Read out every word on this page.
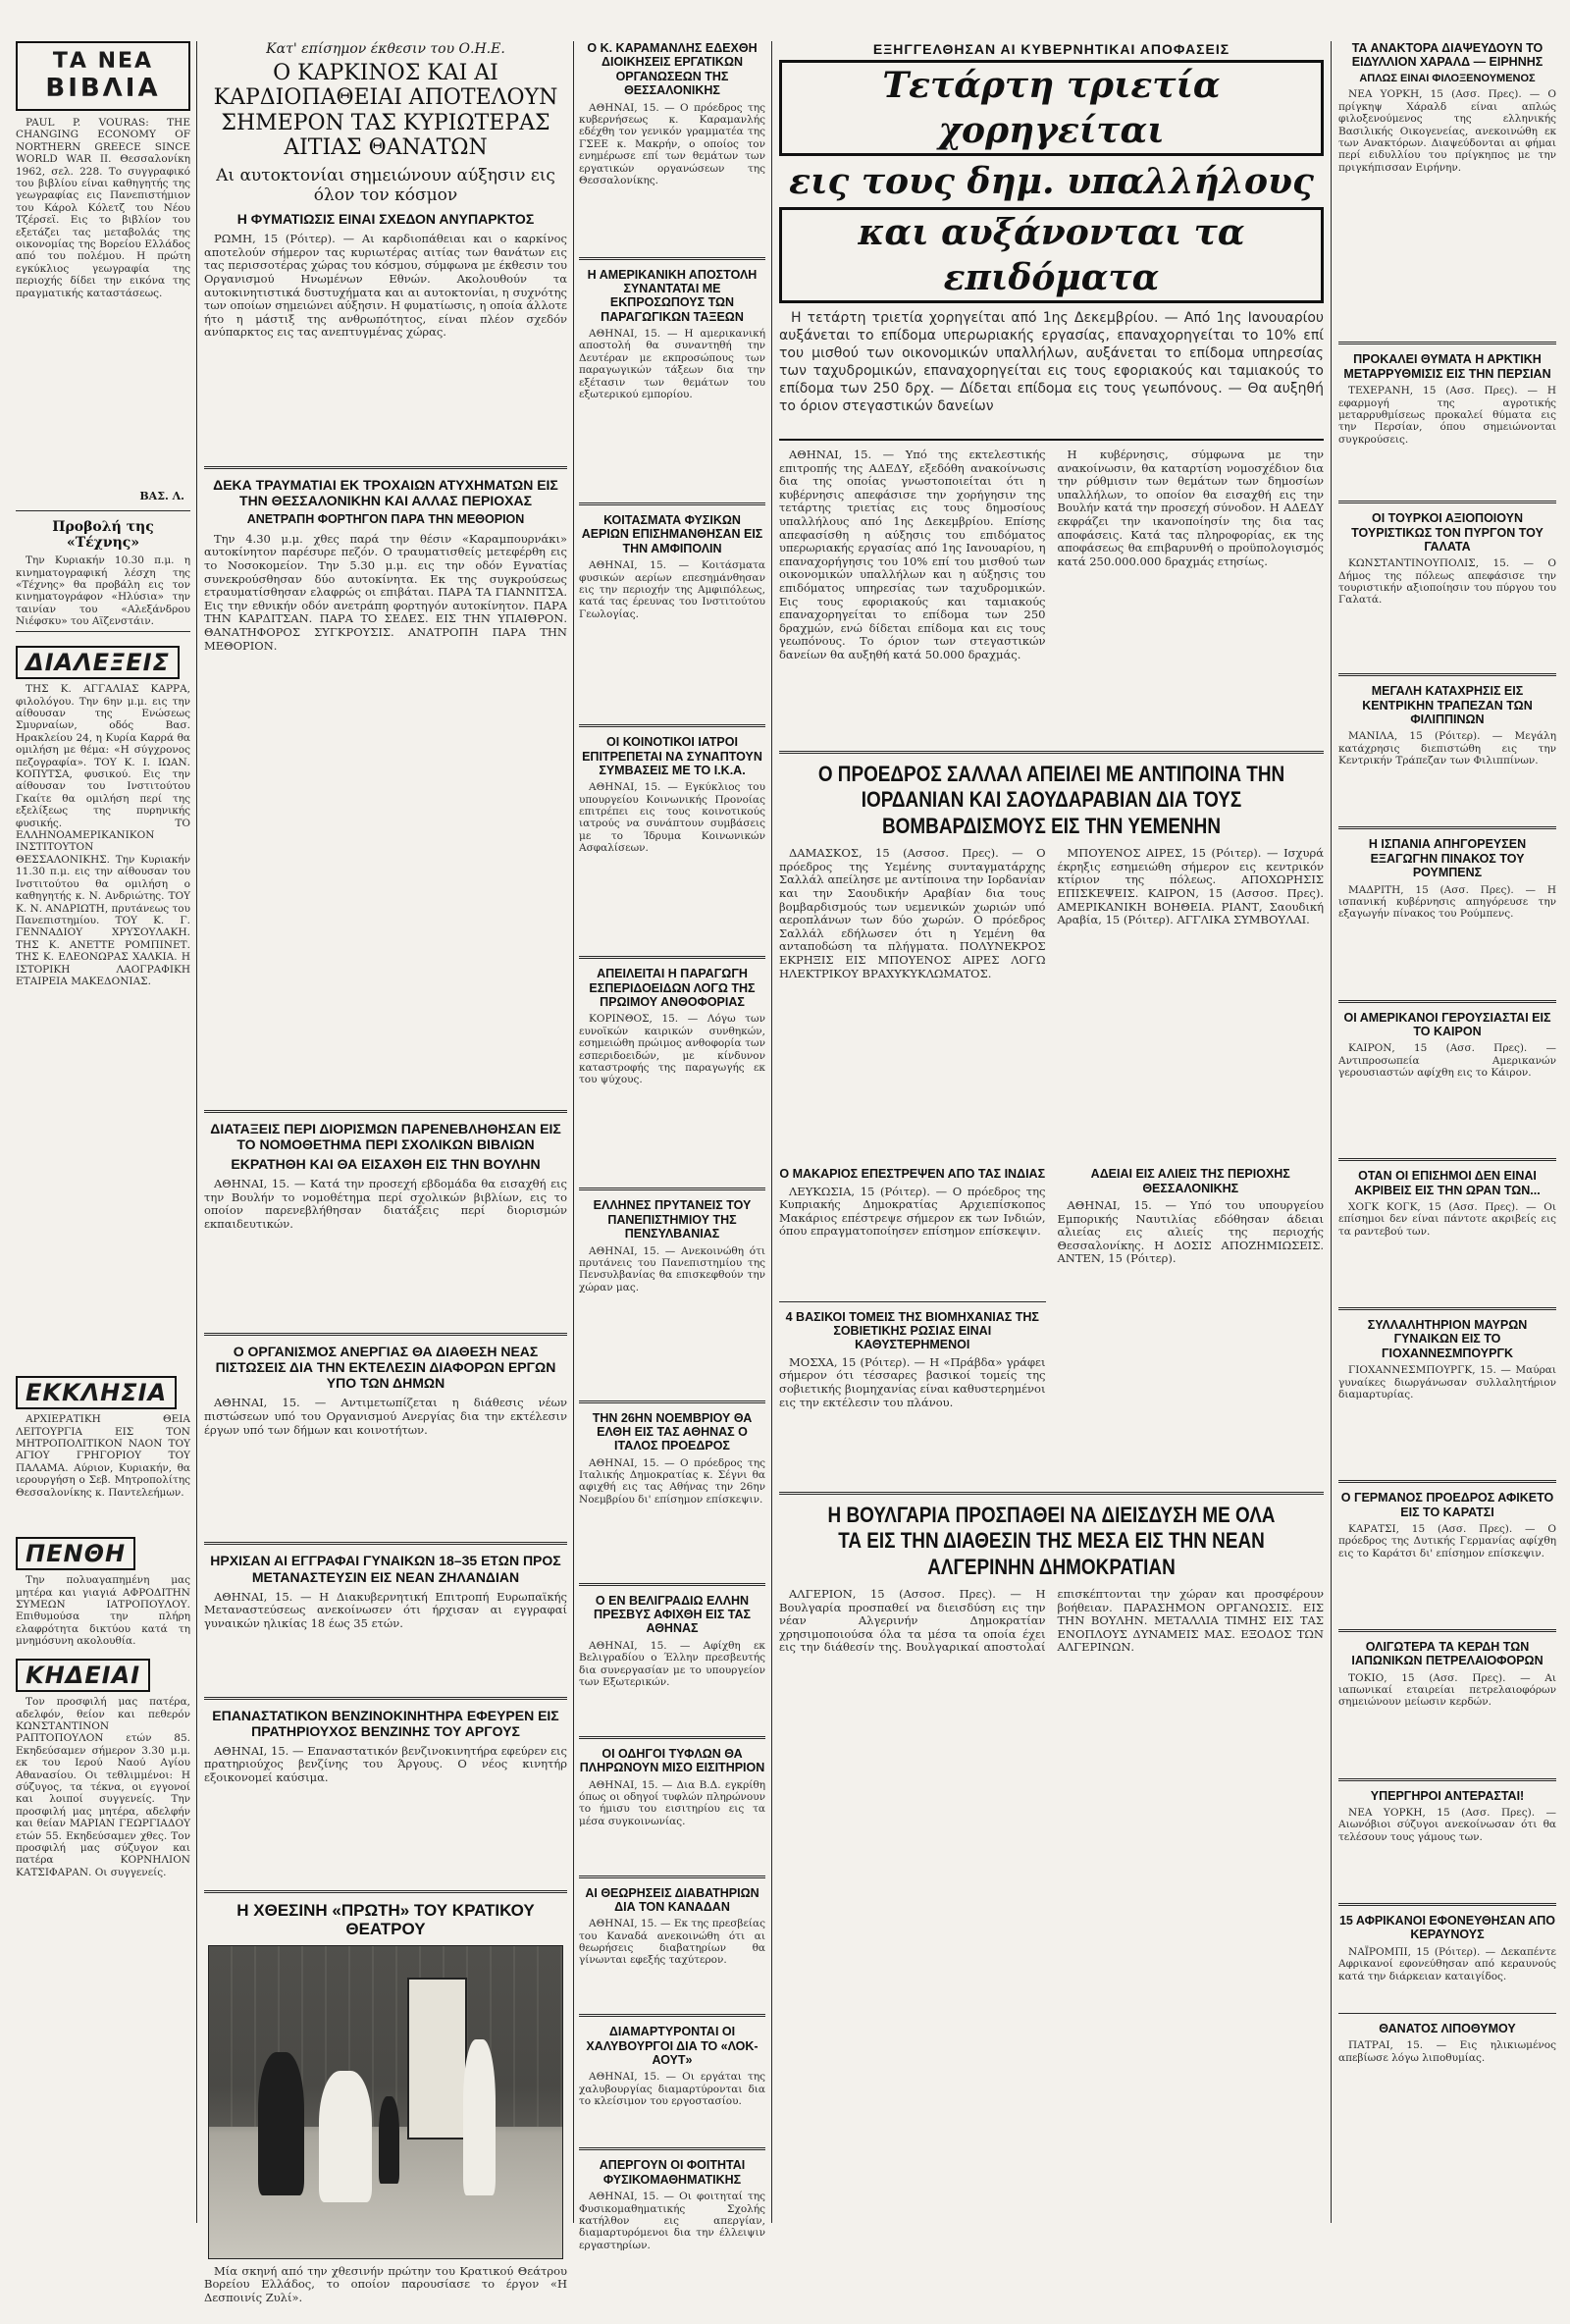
ΤΑ ΝΕΑ
ΒΙΒΛΙΑ
PAUL P. VOURAS: THE CHANGING ECONOMY OF NORTHERN GREECE SINCE WORLD WAR II. Θεσσαλονίκη 1962, σελ. 228. Το συγγραφικό του βιβλίου είναι καθηγητής της γεωγραφίας εις Πανεπιστήμιον του Κάρολ Κόλετζ του Νέου Τζέρσεϊ. Εις το βιβλίον του εξετάζει τας μεταβολάς της οικονομίας της Βορείου Ελλάδος από του πολέμου. Η πρώτη εγκύκλιος γεωγραφία της περιοχής δίδει την εικόνα της πραγματικής καταστάσεως.
ΒΑΣ. Λ.
Προβολή της «Τέχνης»
Την Κυριακήν 10.30 π.μ. η κινηματογραφική λέσχη της «Τέχνης» θα προβάλη εις τον κινηματογράφον «Ηλύσια» την ταινίαν του «Αλεξάνδρου Νιέφσκυ» του Αϊζενστάιν.
ΔΙΑΛΕΞΕΙΣ
ΤΗΣ Κ. ΑΓΓΑΛΙΑΣ ΚΑΡΡΑ, φιλολόγου. Την 6ην μ.μ. εις την αίθουσαν της Ενώσεως Σμυρναίων, οδός Βασ. Ηρακλείου 24, η Κυρία Καρρά θα ομιλήση με θέμα: «Η σύγχρονος πεζογραφία». ΤΟΥ Κ. Ι. ΙΩΑΝ. ΚΟΠΥΤΣΑ, φυσικού. Εις την αίθουσαν του Ινστιτούτου Γκαίτε θα ομιλήση περί της εξελίξεως της πυρηνικής φυσικής. ΤΟ ΕΛΛΗΝΟΑΜΕΡΙΚΑΝΙΚΟΝ ΙΝΣΤΙΤΟΥΤΟΝ ΘΕΣΣΑΛΟΝΙΚΗΣ. Την Κυριακήν 11.30 π.μ. εις την αίθουσαν του Ινστιτούτου θα ομιλήση ο καθηγητής κ. Ν. Ανδριώτης. ΤΟΥ Κ. Ν. ΑΝΔΡΙΩΤΗ, πρυτάνεως του Πανεπιστημίου. ΤΟΥ Κ. Γ. ΓΕΝΝΑΔΙΟΥ ΧΡΥΣΟΥΛΑΚΗ. ΤΗΣ Κ. ΑΝΕΤΤΕ ΡΟΜΠΙΝΕΤ. ΤΗΣ Κ. ΕΛΕΟΝΩΡΑΣ ΧΑΛΚΙΑ. Η ΙΣΤΟΡΙΚΗ ΛΑΟΓΡΑΦΙΚΗ ΕΤΑΙΡΕΙΑ ΜΑΚΕΔΟΝΙΑΣ.
ΕΚΚΛΗΣΙΑ
ΑΡΧΙΕΡΑΤΙΚΗ ΘΕΙΑ ΛΕΙΤΟΥΡΓΙΑ ΕΙΣ ΤΟΝ ΜΗΤΡΟΠΟΛΙΤΙΚΟΝ ΝΑΟΝ ΤΟΥ ΑΓΙΟΥ ΓΡΗΓΟΡΙΟΥ ΤΟΥ ΠΑΛΑΜΑ. Αύριον, Κυριακήν, θα ιερουργήση ο Σεβ. Μητροπολίτης Θεσσαλονίκης κ. Παντελεήμων.
ΠΕΝΘΗ
Την πολυαγαπημένη μας μητέρα και γιαγιά ΑΦΡΟΔΙΤΗΝ ΣΥΜΕΩΝ ΙΑΤΡΟΠΟΥΛΟΥ. Επιθυμούσα την πλήρη ελαφρότητα δικτύου κατά τη μνημόσυνη ακολουθία.
ΚΗΔΕΙΑΙ
Τον προσφιλή μας πατέρα, αδελφόν, θείον και πεθερόν ΚΩΝΣΤΑΝΤΙΝΟΝ ΡΑΠΤΟΠΟΥΛΟΝ ετών 85. Εκηδεύσαμεν σήμερον 3.30 μ.μ. εκ του Ιερού Ναού Αγίου Αθανασίου. Οι τεθλιμμένοι: Η σύζυγος, τα τέκνα, οι εγγονοί και λοιποί συγγενείς. Την προσφιλή μας μητέρα, αδελφήν και θείαν ΜΑΡΙΑΝ ΓΕΩΡΓΙΑΔΟΥ ετών 55. Εκηδεύσαμεν χθες. Τον προσφιλή μας σύζυγον και πατέρα ΚΟΡΝΗΛΙΟΝ ΚΑΤΣΙΦΑΡΑΝ. Οι συγγενείς.
Κατ' επίσημον έκθεσιν του Ο.Η.Ε.
Ο ΚΑΡΚΙΝΟΣ ΚΑΙ ΑΙ ΚΑΡΔΙΟΠΑΘΕΙΑΙ ΑΠΟΤΕΛΟΥΝ ΣΗΜΕΡΟΝ ΤΑΣ ΚΥΡΙΩΤΕΡΑΣ ΑΙΤΙΑΣ ΘΑΝΑΤΩΝ
Αι αυτοκτονίαι σημειώνουν αύξησιν εις όλον τον κόσμον
Η ΦΥΜΑΤΙΩΣΙΣ ΕΙΝΑΙ ΣΧΕΔΟΝ ΑΝΥΠΑΡΚΤΟΣ
ΡΩΜΗ, 15 (Ρόιτερ). — Αι καρδιοπάθειαι και ο καρκίνος αποτελούν σήμερον τας κυριωτέρας αιτίας των θανάτων εις τας περισσοτέρας χώρας του κόσμου, σύμφωνα με έκθεσιν του Οργανισμού Ηνωμένων Εθνών. Ακολουθούν τα αυτοκινητιστικά δυστυχήματα και αι αυτοκτονίαι, η συχνότης των οποίων σημειώνει αύξησιν. Η φυματίωσις, η οποία άλλοτε ήτο η μάστιξ της ανθρωπότητος, είναι πλέον σχεδόν ανύπαρκτος εις τας ανεπτυγμένας χώρας.
ΔΕΚΑ ΤΡΑΥΜΑΤΙΑΙ ΕΚ ΤΡΟΧΑΙΩΝ ΑΤΥΧΗΜΑΤΩΝ ΕΙΣ ΤΗΝ ΘΕΣΣΑΛΟΝΙΚΗΝ ΚΑΙ ΑΛΛΑΣ ΠΕΡΙΟΧΑΣ
ΑΝΕΤΡΑΠΗ ΦΟΡΤΗΓΟΝ ΠΑΡΑ ΤΗΝ ΜΕΘΟΡΙΟΝ
Την 4.30 μ.μ. χθες παρά την θέσιν «Καραμπουρνάκι» αυτοκίνητον παρέσυρε πεζόν. Ο τραυματισθείς μετεφέρθη εις το Νοσοκομείον. Την 5.30 μ.μ. εις την οδόν Εγνατίας συνεκρούσθησαν δύο αυτοκίνητα. Εκ της συγκρούσεως ετραυματίσθησαν ελαφρώς οι επιβάται. ΠΑΡΑ ΤΑ ΓΙΑΝΝΙΤΣΑ. Εις την εθνικήν οδόν ανετράπη φορτηγόν αυτοκίνητον. ΠΑΡΑ ΤΗΝ ΚΑΡΔΙΤΣΑΝ. ΠΑΡΑ ΤΟ ΣΕΔΕΣ. ΕΙΣ ΤΗΝ ΥΠΑΙΘΡΟΝ. ΘΑΝΑΤΗΦΟΡΟΣ ΣΥΓΚΡΟΥΣΙΣ. ΑΝΑΤΡΟΠΗ ΠΑΡΑ ΤΗΝ ΜΕΘΟΡΙΟΝ.
ΔΙΑΤΑΞΕΙΣ ΠΕΡΙ ΔΙΟΡΙΣΜΩΝ ΠΑΡΕΝΕΒΛΗΘΗΣΑΝ ΕΙΣ ΤΟ ΝΟΜΟΘΕΤΗΜΑ ΠΕΡΙ ΣΧΟΛΙΚΩΝ ΒΙΒΛΙΩΝ
ΕΚΡΑΤΗΘΗ ΚΑΙ ΘΑ ΕΙΣΑΧΘΗ ΕΙΣ ΤΗΝ ΒΟΥΛΗΝ
ΑΘΗΝΑΙ, 15. — Κατά την προσεχή εβδομάδα θα εισαχθή εις την Βουλήν το νομοθέτημα περί σχολικών βιβλίων, εις το οποίον παρενεβλήθησαν διατάξεις περί διορισμών εκπαιδευτικών.
Ο ΟΡΓΑΝΙΣΜΟΣ ΑΝΕΡΓΙΑΣ ΘΑ ΔΙΑΘΕΣΗ ΝΕΑΣ ΠΙΣΤΩΣΕΙΣ ΔΙΑ ΤΗΝ ΕΚΤΕΛΕΣΙΝ ΔΙΑΦΟΡΩΝ ΕΡΓΩΝ ΥΠΟ ΤΩΝ ΔΗΜΩΝ
ΑΘΗΝΑΙ, 15. — Αντιμετωπίζεται η διάθεσις νέων πιστώσεων υπό του Οργανισμού Ανεργίας δια την εκτέλεσιν έργων υπό των δήμων και κοινοτήτων.
ΗΡΧΙΣΑΝ ΑΙ ΕΓΓΡΑΦΑΙ ΓΥΝΑΙΚΩΝ 18–35 ΕΤΩΝ ΠΡΟΣ ΜΕΤΑΝΑΣΤΕΥΣΙΝ ΕΙΣ ΝΕΑΝ ΖΗΛΑΝΔΙΑΝ
ΑΘΗΝΑΙ, 15. — Η Διακυβερνητική Επιτροπή Ευρωπαϊκής Μεταναστεύσεως ανεκοίνωσεν ότι ήρχισαν αι εγγραφαί γυναικών ηλικίας 18 έως 35 ετών.
ΕΠΑΝΑΣΤΑΤΙΚΟΝ ΒΕΝΖΙΝΟΚΙΝΗΤΗΡΑ ΕΦΕΥΡΕΝ ΕΙΣ ΠΡΑΤΗΡΙΟΥΧΟΣ ΒΕΝΖΙΝΗΣ ΤΟΥ ΑΡΓΟΥΣ
ΑΘΗΝΑΙ, 15. — Επαναστατικόν βενζινοκινητήρα εφεύρεν εις πρατηριούχος βενζίνης του Άργους. Ο νέος κινητήρ εξοικονομεί καύσιμα.
Η ΧΘΕΣΙΝΗ «ΠΡΩΤΗ» ΤΟΥ ΚΡΑΤΙΚΟΥ ΘΕΑΤΡΟΥ
Μία σκηνή από την χθεσινήν πρώτην του Κρατικού Θεάτρου Βορείου Ελλάδος, το οποίον παρουσίασε το έργον «Η Δεσποινίς Ζυλί».
Ο Κ. ΚΑΡΑΜΑΝΛΗΣ ΕΔΕΧΘΗ ΔΙΟΙΚΗΣΕΙΣ ΕΡΓΑΤΙΚΩΝ ΟΡΓΑΝΩΣΕΩΝ ΤΗΣ ΘΕΣΣΑΛΟΝΙΚΗΣ
ΑΘΗΝΑΙ, 15. — Ο πρόεδρος της κυβερνήσεως κ. Καραμανλής εδέχθη τον γενικόν γραμματέα της ΓΣΕΕ κ. Μακρήν, ο οποίος τον ενημέρωσε επί των θεμάτων των εργατικών οργανώσεων της Θεσσαλονίκης.
Η ΑΜΕΡΙΚΑΝΙΚΗ ΑΠΟΣΤΟΛΗ ΣΥΝΑΝΤΑΤΑΙ ΜΕ ΕΚΠΡΟΣΩΠΟΥΣ ΤΩΝ ΠΑΡΑΓΩΓΙΚΩΝ ΤΑΞΕΩΝ
ΑΘΗΝΑΙ, 15. — Η αμερικανική αποστολή θα συναντηθή την Δευτέραν με εκπροσώπους των παραγωγικών τάξεων δια την εξέτασιν των θεμάτων του εξωτερικού εμπορίου.
ΚΟΙΤΑΣΜΑΤΑ ΦΥΣΙΚΩΝ ΑΕΡΙΩΝ ΕΠΙΣΗΜΑΝΘΗΣΑΝ ΕΙΣ ΤΗΝ ΑΜΦΙΠΟΛΙΝ
ΑΘΗΝΑΙ, 15. — Κοιτάσματα φυσικών αερίων επεσημάνθησαν εις την περιοχήν της Αμφιπόλεως, κατά τας έρευνας του Ινστιτούτου Γεωλογίας.
ΟΙ ΚΟΙΝΟΤΙΚΟΙ ΙΑΤΡΟΙ ΕΠΙΤΡΕΠΕΤΑΙ ΝΑ ΣΥΝΑΠΤΟΥΝ ΣΥΜΒΑΣΕΙΣ ΜΕ ΤΟ Ι.Κ.Α.
ΑΘΗΝΑΙ, 15. — Εγκύκλιος του υπουργείου Κοινωνικής Προνοίας επιτρέπει εις τους κοινοτικούς ιατρούς να συνάπτουν συμβάσεις με το Ίδρυμα Κοινωνικών Ασφαλίσεων.
ΑΠΕΙΛΕΙΤΑΙ Η ΠΑΡΑΓΩΓΗ ΕΣΠΕΡΙΔΟΕΙΔΩΝ ΛΟΓΩ ΤΗΣ ΠΡΩΙΜΟΥ ΑΝΘΟΦΟΡΙΑΣ
ΚΟΡΙΝΘΟΣ, 15. — Λόγω των ευνοϊκών καιρικών συνθηκών, εσημειώθη πρώιμος ανθοφορία των εσπεριδοειδών, με κίνδυνον καταστροφής της παραγωγής εκ του ψύχους.
ΕΛΛΗΝΕΣ ΠΡΥΤΑΝΕΙΣ ΤΟΥ ΠΑΝΕΠΙΣΤΗΜΙΟΥ ΤΗΣ ΠΕΝΣΥΛΒΑΝΙΑΣ
ΑΘΗΝΑΙ, 15. — Ανεκοινώθη ότι πρυτάνεις του Πανεπιστημίου της Πενσυλβανίας θα επισκεφθούν την χώραν μας.
ΤΗΝ 26ΗΝ ΝΟΕΜΒΡΙΟΥ ΘΑ ΕΛΘΗ ΕΙΣ ΤΑΣ ΑΘΗΝΑΣ Ο ΙΤΑΛΟΣ ΠΡΟΕΔΡΟΣ
ΑΘΗΝΑΙ, 15. — Ο πρόεδρος της Ιταλικής Δημοκρατίας κ. Σέγνι θα αφιχθή εις τας Αθήνας την 26ην Νοεμβρίου δι' επίσημον επίσκεψιν.
Ο ΕΝ ΒΕΛΙΓΡΑΔΙΩ ΕΛΛΗΝ ΠΡΕΣΒΥΣ ΑΦΙΧΘΗ ΕΙΣ ΤΑΣ ΑΘΗΝΑΣ
ΑΘΗΝΑΙ, 15. — Αφίχθη εκ Βελιγραδίου ο Έλλην πρεσβευτής δια συνεργασίαν με το υπουργείον των Εξωτερικών.
ΟΙ ΟΔΗΓΟΙ ΤΥΦΛΩΝ ΘΑ ΠΛΗΡΩΝΟΥΝ ΜΙΣΟ ΕΙΣΙΤΗΡΙΟΝ
ΑΘΗΝΑΙ, 15. — Δια Β.Δ. εγκρίθη όπως οι οδηγοί τυφλών πληρώνουν το ήμισυ του εισιτηρίου εις τα μέσα συγκοινωνίας.
ΑΙ ΘΕΩΡΗΣΕΙΣ ΔΙΑΒΑΤΗΡΙΩΝ ΔΙΑ ΤΟΝ ΚΑΝΑΔΑΝ
ΑΘΗΝΑΙ, 15. — Εκ της πρεσβείας του Καναδά ανεκοινώθη ότι αι θεωρήσεις διαβατηρίων θα γίνωνται εφεξής ταχύτερον.
ΔΙΑΜΑΡΤΥΡΟΝΤΑΙ ΟΙ ΧΑΛΥΒΟΥΡΓΟΙ ΔΙΑ ΤΟ «ΛΟΚ-ΑΟΥΤ»
ΑΘΗΝΑΙ, 15. — Οι εργάται της χαλυβουργίας διαμαρτύρονται δια το κλείσιμον του εργοστασίου.
ΑΠΕΡΓΟΥΝ ΟΙ ΦΟΙΤΗΤΑΙ ΦΥΣΙΚΟΜΑΘΗΜΑΤΙΚΗΣ
ΑΘΗΝΑΙ, 15. — Οι φοιτηταί της Φυσικομαθηματικής Σχολής κατήλθον εις απεργίαν, διαμαρτυρόμενοι δια την έλλειψιν εργαστηρίων.
ΕΞΗΓΓΕΛΘΗΣΑΝ ΑΙ ΚΥΒΕΡΝΗΤΙΚΑΙ ΑΠΟΦΑΣΕΙΣ
Τετάρτη τριετία χορηγείται
εις τους δημ. υπαλλήλους
και αυξάνονται τα επιδόματα
Η τετάρτη τριετία χορηγείται από 1ης Δεκεμβρίου. — Από 1ης Ιανουαρίου αυξάνεται το επίδομα υπερωριακής εργασίας, επαναχορηγείται το 10% επί του μισθού των οικονομικών υπαλλήλων, αυξάνεται το επίδομα υπηρεσίας των ταχυδρομικών, επαναχορηγείται εις τους εφοριακούς και ταμιακούς το επίδομα των 250 δρχ. — Δίδεται επίδομα εις τους γεωπόνους. — Θα αυξηθή το όριον στεγαστικών δανείων
ΑΘΗΝΑΙ, 15. — Υπό της εκτελεστικής επιτροπής της ΑΔΕΔΥ, εξεδόθη ανακοίνωσις δια της οποίας γνωστοποιείται ότι η κυβέρνησις απεφάσισε την χορήγησιν της τετάρτης τριετίας εις τους δημοσίους υπαλλήλους από 1ης Δεκεμβρίου. Επίσης απεφασίσθη η αύξησις του επιδόματος υπερωριακής εργασίας από 1ης Ιανουαρίου, η επαναχορήγησις του 10% επί του μισθού των οικονομικών υπαλλήλων και η αύξησις του επιδόματος υπηρεσίας των ταχυδρομικών. Εις τους εφοριακούς και ταμιακούς επαναχορηγείται το επίδομα των 250 δραχμών, ενώ δίδεται επίδομα και εις τους γεωπόνους. Το όριον των στεγαστικών δανείων θα αυξηθή κατά 50.000 δραχμάς.
Η κυβέρνησις, σύμφωνα με την ανακοίνωσιν, θα καταρτίση νομοσχέδιον δια την ρύθμισιν των θεμάτων των δημοσίων υπαλλήλων, το οποίον θα εισαχθή εις την Βουλήν κατά την προσεχή σύνοδον. Η ΑΔΕΔΥ εκφράζει την ικανοποίησίν της δια τας αποφάσεις. Κατά τας πληροφορίας, εκ της αποφάσεως θα επιβαρυνθή ο προϋπολογισμός κατά 250.000.000 δραχμάς ετησίως.
Ο ΠΡΟΕΔΡΟΣ ΣΑΛΛΑΛ ΑΠΕΙΛΕΙ ΜΕ ΑΝΤΙΠΟΙΝΑ ΤΗΝ ΙΟΡΔΑΝΙΑΝ ΚΑΙ ΣΑΟΥΔΑΡΑΒΙΑΝ ΔΙΑ ΤΟΥΣ ΒΟΜΒΑΡΔΙΣΜΟΥΣ ΕΙΣ ΤΗΝ ΥΕΜΕΝΗΝ
ΔΑΜΑΣΚΟΣ, 15 (Ασσοσ. Πρες). — Ο πρόεδρος της Υεμένης συνταγματάρχης Σαλλάλ απείλησε με αντίποινα την Ιορδανίαν και την Σαουδικήν Αραβίαν δια τους βομβαρδισμούς των υεμενικών χωριών υπό αεροπλάνων των δύο χωρών. Ο πρόεδρος Σαλλάλ εδήλωσεν ότι η Υεμένη θα ανταποδώση τα πλήγματα. ΠΟΛΥΝΕΚΡΟΣ ΕΚΡΗΞΙΣ ΕΙΣ ΜΠΟΥΕΝΟΣ ΑΙΡΕΣ ΛΟΓΩ ΗΛΕΚΤΡΙΚΟΥ ΒΡΑΧΥΚΥΚΛΩΜΑΤΟΣ.
ΜΠΟΥΕΝΟΣ ΑΙΡΕΣ, 15 (Ρόιτερ). — Ισχυρά έκρηξις εσημειώθη σήμερον εις κεντρικόν κτίριον της πόλεως. ΑΠΟΧΩΡΗΣΙΣ ΕΠΙΣΚΕΨΕΙΣ. ΚΑΙΡΟΝ, 15 (Ασσοσ. Πρες). ΑΜΕΡΙΚΑΝΙΚΗ ΒΟΗΘΕΙΑ. ΡΙΑΝΤ, Σαουδική Αραβία, 15 (Ρόιτερ). ΑΓΓΛΙΚΑ ΣΥΜΒΟΥΛΑΙ.
Ο ΜΑΚΑΡΙΟΣ ΕΠΕΣΤΡΕΨΕΝ ΑΠΟ ΤΑΣ ΙΝΔΙΑΣ
ΛΕΥΚΩΣΙΑ, 15 (Ρόιτερ). — Ο πρόεδρος της Κυπριακής Δημοκρατίας Αρχιεπίσκοπος Μακάριος επέστρεψε σήμερον εκ των Ινδιών, όπου επραγματοποίησεν επίσημον επίσκεψιν.
4 ΒΑΣΙΚΟΙ ΤΟΜΕΙΣ ΤΗΣ ΒΙΟΜΗΧΑΝΙΑΣ ΤΗΣ ΣΟΒΙΕΤΙΚΗΣ ΡΩΣΙΑΣ ΕΙΝΑΙ ΚΑΘΥΣΤΕΡΗΜΕΝΟΙ
ΜΟΣΧΑ, 15 (Ρόιτερ). — Η «Πράβδα» γράφει σήμερον ότι τέσσαρες βασικοί τομείς της σοβιετικής βιομηχανίας είναι καθυστερημένοι εις την εκτέλεσιν του πλάνου.
ΑΔΕΙΑΙ ΕΙΣ ΑΛΙΕΙΣ ΤΗΣ ΠΕΡΙΟΧΗΣ ΘΕΣΣΑΛΟΝΙΚΗΣ
ΑΘΗΝΑΙ, 15. — Υπό του υπουργείου Εμπορικής Ναυτιλίας εδόθησαν άδειαι αλιείας εις αλιείς της περιοχής Θεσσαλονίκης. Η ΔΟΣΙΣ ΑΠΟΖΗΜΙΩΣΕΙΣ. ΑΝΤΕΝ, 15 (Ρόιτερ).
Η ΒΟΥΛΓΑΡΙΑ ΠΡΟΣΠΑΘΕΙ ΝΑ ΔΙΕΙΣΔΥΣΗ ΜΕ ΟΛΑ ΤΑ ΕΙΣ ΤΗΝ ΔΙΑΘΕΣΙΝ ΤΗΣ ΜΕΣΑ ΕΙΣ ΤΗΝ ΝΕΑΝ ΑΛΓΕΡΙΝΗΝ ΔΗΜΟΚΡΑΤΙΑΝ
ΑΛΓΕΡΙΟΝ, 15 (Ασσοσ. Πρες). — Η Βουλγαρία προσπαθεί να διεισδύση εις την νέαν Αλγερινήν Δημοκρατίαν χρησιμοποιούσα όλα τα μέσα τα οποία έχει εις την διάθεσίν της. Βουλγαρικαί αποστολαί επισκέπτονται την χώραν και προσφέρουν βοήθειαν. ΠΑΡΑΣΗΜΟΝ ΟΡΓΑΝΩΣΙΣ. ΕΙΣ ΤΗΝ ΒΟΥΛΗΝ. ΜΕΤΑΛΛΙΑ ΤΙΜΗΣ ΕΙΣ ΤΑΣ ΕΝΟΠΛΟΥΣ ΔΥΝΑΜΕΙΣ ΜΑΣ. ΕΞΟΔΟΣ ΤΩΝ ΑΛΓΕΡΙΝΩΝ.
ΤΑ ΑΝΑΚΤΟΡΑ ΔΙΑΨΕΥΔΟΥΝ ΤΟ ΕΙΔΥΛΛΙΟΝ ΧΑΡΑΛΔ — ΕΙΡΗΝΗΣ
ΑΠΛΩΣ ΕΙΝΑΙ ΦΙΛΟΞΕΝΟΥΜΕΝΟΣ
ΝΕΑ ΥΟΡΚΗ, 15 (Ασσ. Πρες). — Ο πρίγκηψ Χάραλδ είναι απλώς φιλοξενούμενος της ελληνικής Βασιλικής Οικογενείας, ανεκοινώθη εκ των Ανακτόρων. Διαψεύδονται αι φήμαι περί ειδυλλίου του πρίγκηπος με την πριγκήπισσαν Ειρήνην.
ΠΡΟΚΑΛΕΙ ΘΥΜΑΤΑ Η ΑΡΚΤΙΚΗ ΜΕΤΑΡΡΥΘΜΙΣΙΣ ΕΙΣ ΤΗΝ ΠΕΡΣΙΑΝ
ΤΕΧΕΡΑΝΗ, 15 (Ασσ. Πρες). — Η εφαρμογή της αγροτικής μεταρρυθμίσεως προκαλεί θύματα εις την Περσίαν, όπου σημειώνονται συγκρούσεις.
ΟΙ ΤΟΥΡΚΟΙ ΑΞΙΟΠΟΙΟΥΝ ΤΟΥΡΙΣΤΙΚΩΣ ΤΟΝ ΠΥΡΓΟΝ ΤΟΥ ΓΑΛΑΤΑ
ΚΩΝΣΤΑΝΤΙΝΟΥΠΟΛΙΣ, 15. — Ο Δήμος της πόλεως απεφάσισε την τουριστικήν αξιοποίησιν του πύργου του Γαλατά.
ΜΕΓΑΛΗ ΚΑΤΑΧΡΗΣΙΣ ΕΙΣ ΚΕΝΤΡΙΚΗΝ ΤΡΑΠΕΖΑΝ ΤΩΝ ΦΙΛΙΠΠΙΝΩΝ
ΜΑΝΙΛΑ, 15 (Ρόιτερ). — Μεγάλη κατάχρησις διεπιστώθη εις την Κεντρικήν Τράπεζαν των Φιλιππίνων.
Η ΙΣΠΑΝΙΑ ΑΠΗΓΟΡΕΥΣΕΝ ΕΞΑΓΩΓΗΝ ΠΙΝΑΚΟΣ ΤΟΥ ΡΟΥΜΠΕΝΣ
ΜΑΔΡΙΤΗ, 15 (Ασσ. Πρες). — Η ισπανική κυβέρνησις απηγόρευσε την εξαγωγήν πίνακος του Ρούμπενς.
ΟΙ ΑΜΕΡΙΚΑΝΟΙ ΓΕΡΟΥΣΙΑΣΤΑΙ ΕΙΣ ΤΟ ΚΑΙΡΟΝ
ΚΑΙΡΟΝ, 15 (Ασσ. Πρες). — Αντιπροσωπεία Αμερικανών γερουσιαστών αφίχθη εις το Κάιρον.
ΟΤΑΝ ΟΙ ΕΠΙΣΗΜΟΙ ΔΕΝ ΕΙΝΑΙ ΑΚΡΙΒΕΙΣ ΕΙΣ ΤΗΝ ΩΡΑΝ ΤΩΝ...
ΧΟΓΚ ΚΟΓΚ, 15 (Ασσ. Πρες). — Οι επίσημοι δεν είναι πάντοτε ακριβείς εις τα ραντεβού των.
ΣΥΛΛΑΛΗΤΗΡΙΟΝ ΜΑΥΡΩΝ ΓΥΝΑΙΚΩΝ ΕΙΣ ΤΟ ΓΙΟΧΑΝΝΕΣΜΠΟΥΡΓΚ
ΓΙΟΧΑΝΝΕΣΜΠΟΥΡΓΚ, 15. — Μαύραι γυναίκες διωργάνωσαν συλλαλητήριον διαμαρτυρίας.
Ο ΓΕΡΜΑΝΟΣ ΠΡΟΕΔΡΟΣ ΑΦΙΚΕΤΟ ΕΙΣ ΤΟ ΚΑΡΑΤΣΙ
ΚΑΡΑΤΣΙ, 15 (Ασσ. Πρες). — Ο πρόεδρος της Δυτικής Γερμανίας αφίχθη εις το Καράτσι δι' επίσημον επίσκεψιν.
ΟΛΙΓΩΤΕΡΑ ΤΑ ΚΕΡΔΗ ΤΩΝ ΙΑΠΩΝΙΚΩΝ ΠΕΤΡΕΛΑΙΟΦΟΡΩΝ
ΤΟΚΙΟ, 15 (Ασσ. Πρες). — Αι ιαπωνικαί εταιρείαι πετρελαιοφόρων σημειώνουν μείωσιν κερδών.
ΥΠΕΡΓΗΡΟΙ ΑΝΤΕΡΑΣΤΑΙ!
ΝΕΑ ΥΟΡΚΗ, 15 (Ασσ. Πρες). — Αιωνόβιοι σύζυγοι ανεκοίνωσαν ότι θα τελέσουν τους γάμους των.
15 ΑΦΡΙΚΑΝΟΙ ΕΦΟΝΕΥΘΗΣΑΝ ΑΠΟ ΚΕΡΑΥΝΟΥΣ
ΝΑΪΡΟΜΠΙ, 15 (Ρόιτερ). — Δεκαπέντε Αφρικανοί εφονεύθησαν από κεραυνούς κατά την διάρκειαν καταιγίδος.
ΘΑΝΑΤΟΣ ΛΙΠΟΘΥΜΟΥ
ΠΑΤΡΑΙ, 15. — Εις ηλικιωμένος απεβίωσε λόγω λιποθυμίας.
